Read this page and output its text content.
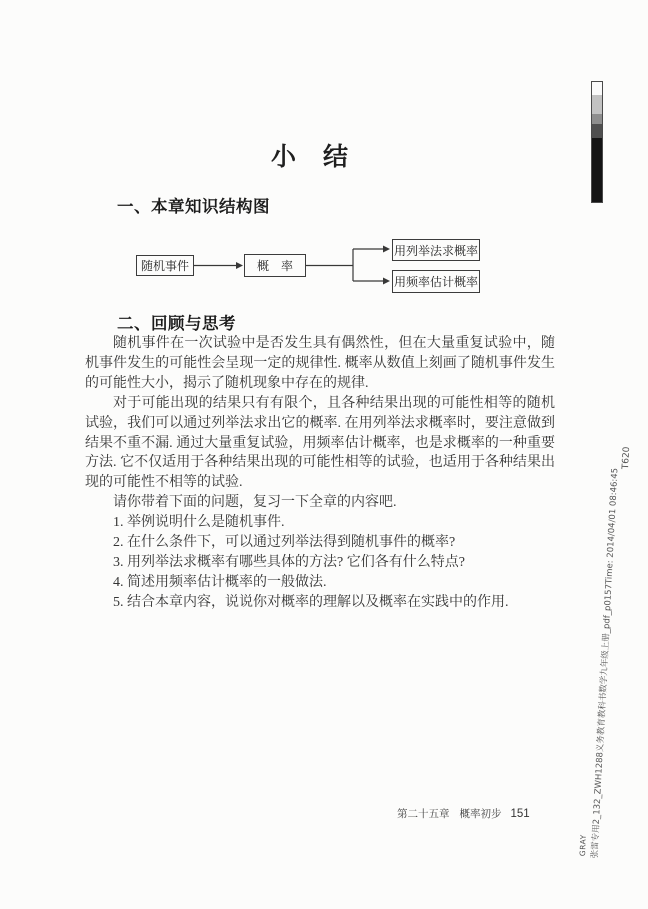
小　结
一、本章知识结构图
随机事件	概　率
用列举法求概率
用频率估计概率
二、回顾与思考

随机事件在一次试验中是否发生具有偶然性，但在大量重复试验中，随机事件发生的可能性会呈现一定的规律性. 概率从数值上刻画了随机事件发生的可能性大小，揭示了随机现象中存在的规律.

对于可能出现的结果只有有限个，且各种结果出现的可能性相等的随机试验，我们可以通过列举法求出它的概率. 在用列举法求概率时，要注意做到结果不重不漏. 通过大量重复试验，用频率估计概率，也是求概率的一种重要方法. 它不仅适用于各种结果出现的可能性相等的试验，也适用于各种结果出现的可能性不相等的试验.

请你带着下面的问题，复习一下全章的内容吧.

1. 举例说明什么是随机事件.

2. 在什么条件下，可以通过列举法得到随机事件的概率?

3. 用列举法求概率有哪些具体的方法? 它们各有什么特点?

4. 简述用频率估计概率的一般做法.

5. 结合本章内容，说说你对概率的理解以及概率在实践中的作用.

第二十五章 概率初步 151	张雷专用2_132_ZWH1288义务教育教科书数学九年级上册_pdf_p0157Time: 2014/04/01 08:46:45
GRAY
T620
